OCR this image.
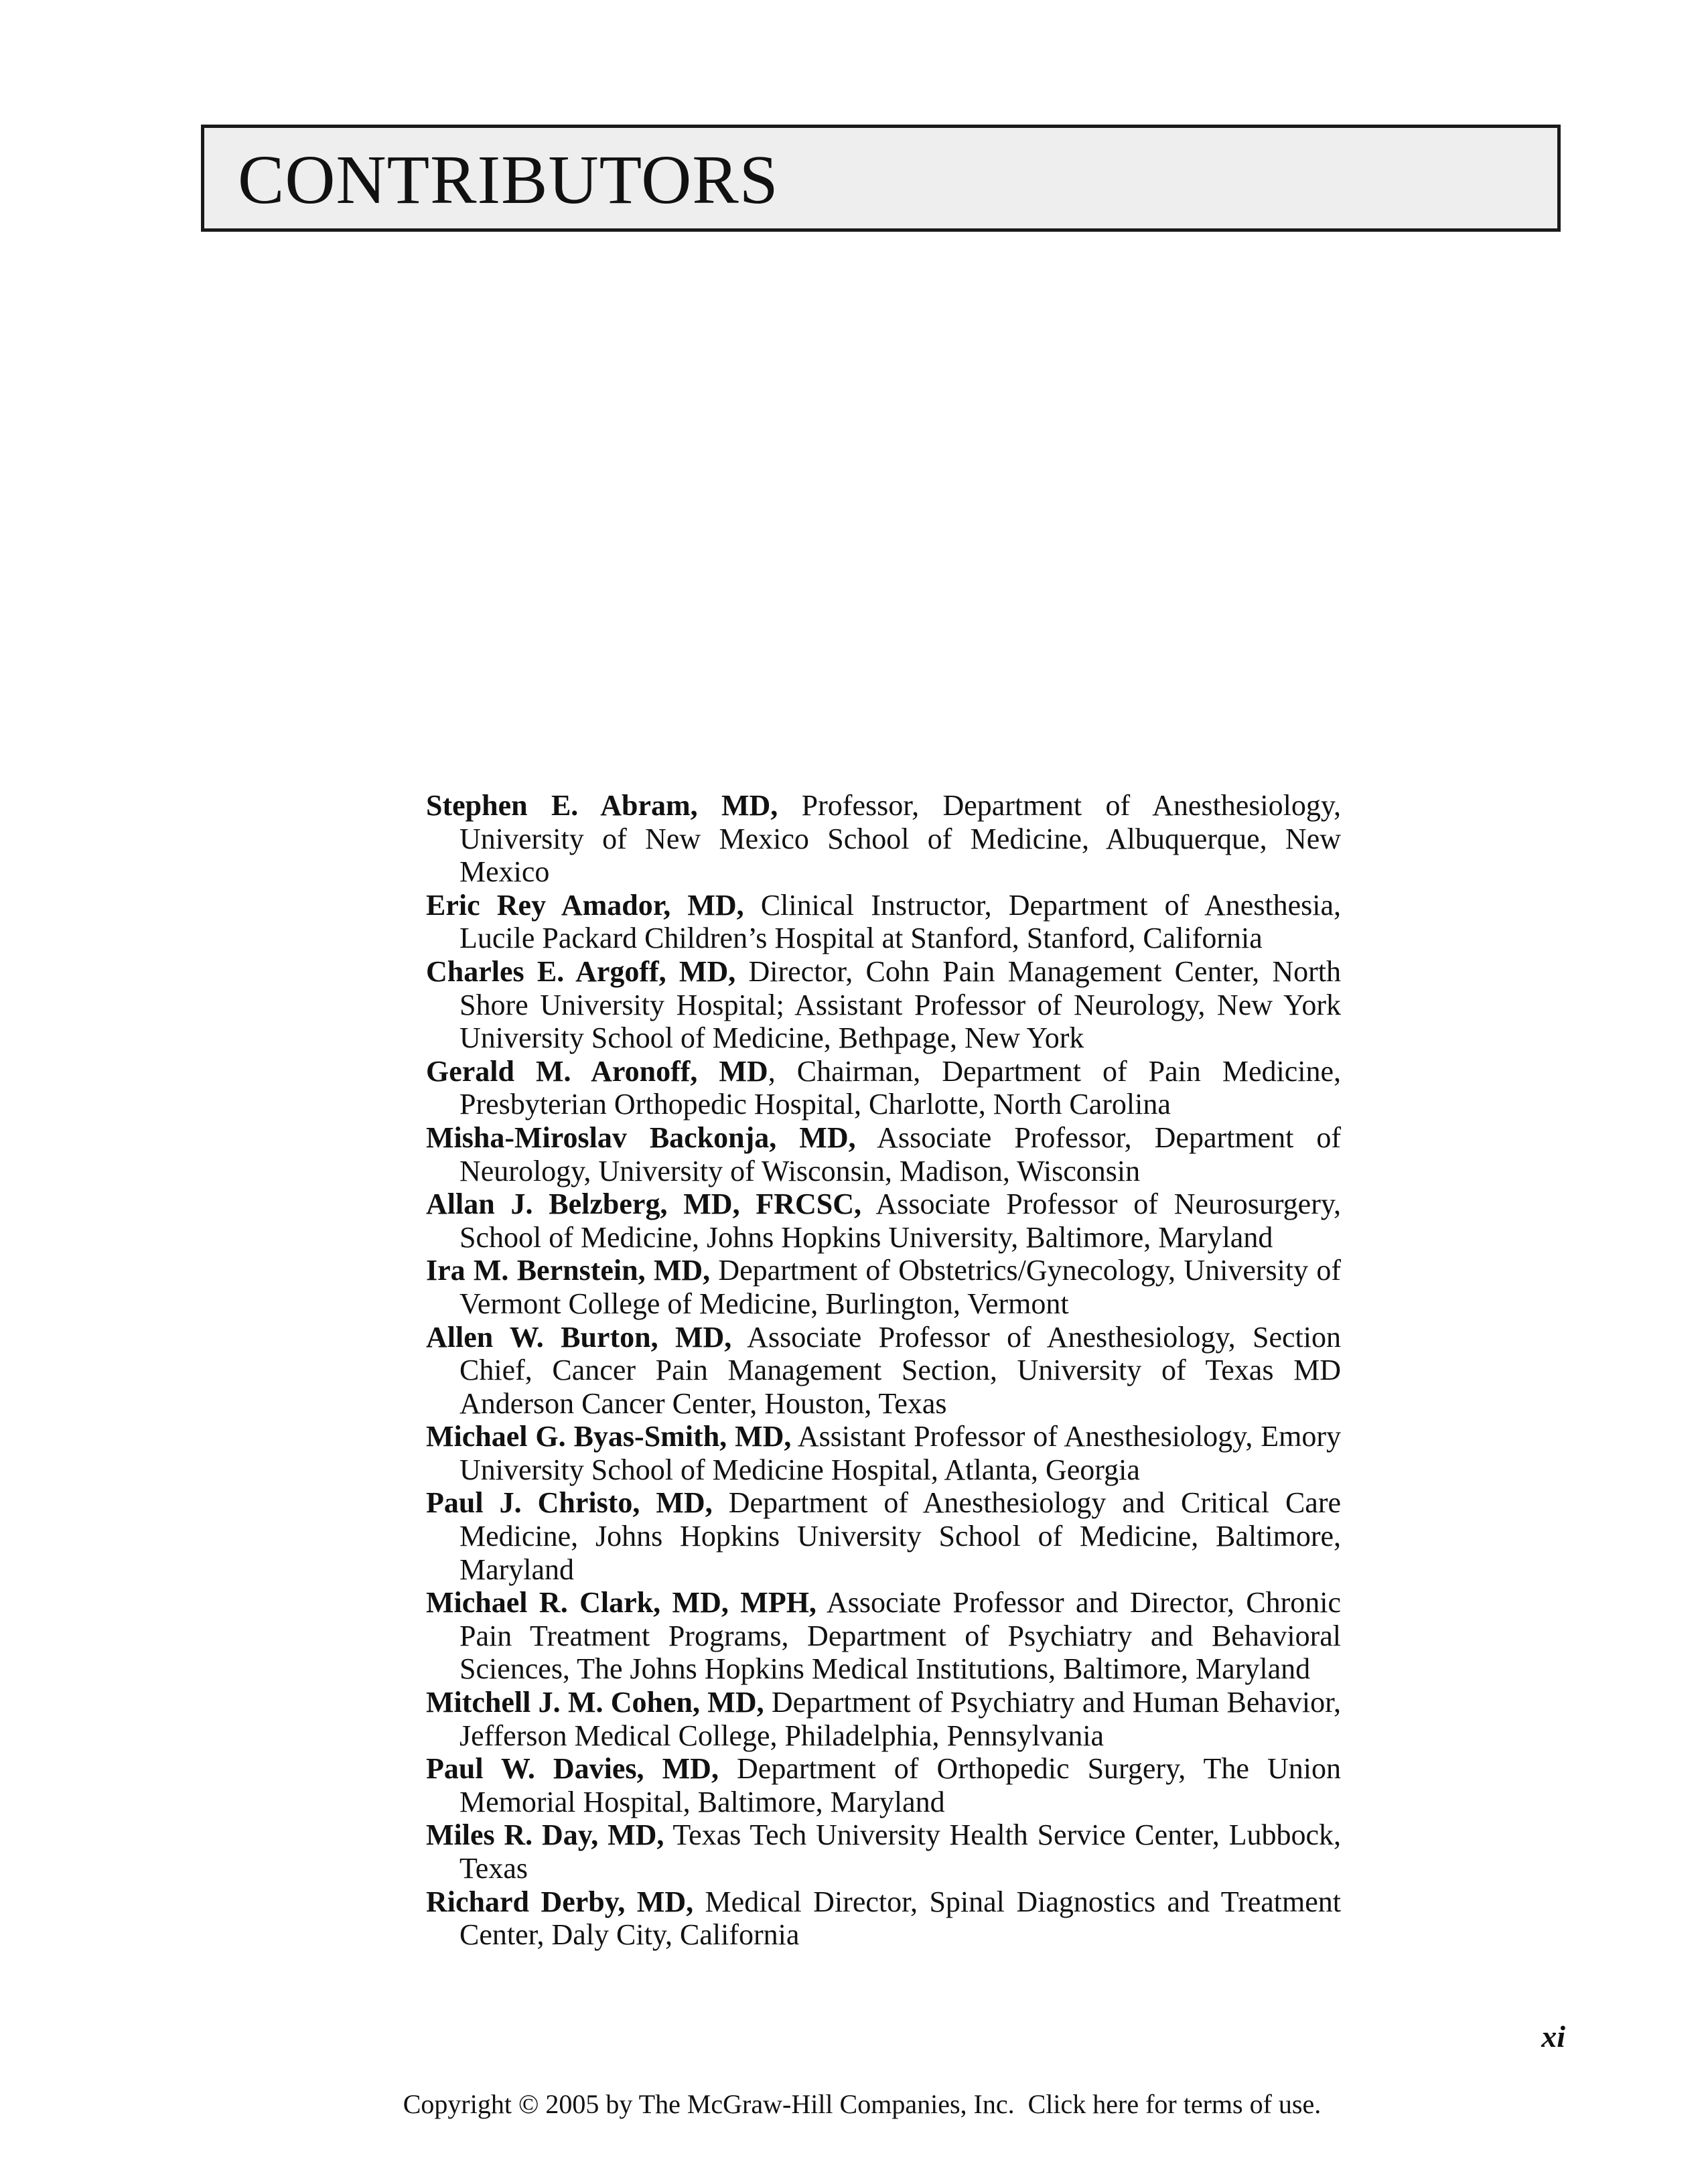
CONTRIBUTORS
Stephen E. Abram, MD, Professor, Department of Anesthesiology, University of New Mexico School of Medicine, Albuquerque, New Mexico
Eric Rey Amador, MD, Clinical Instructor, Department of Anesthesia, Lucile Packard Children’s Hospital at Stanford, Stanford, California
Charles E. Argoff, MD, Director, Cohn Pain Management Center, North Shore University Hospital; Assistant Professor of Neurology, New York University School of Medicine, Bethpage, New York
Gerald M. Aronoff, MD, Chairman, Department of Pain Medicine, Presbyterian Orthopedic Hospital, Charlotte, North Carolina
Misha-Miroslav Backonja, MD, Associate Professor, Department of Neurology, University of Wisconsin, Madison, Wisconsin
Allan J. Belzberg, MD, FRCSC, Associate Professor of Neurosurgery, School of Medicine, Johns Hopkins University, Baltimore, Maryland
Ira M. Bernstein, MD, Department of Obstetrics/Gynecology, University of Vermont College of Medicine, Burlington, Vermont
Allen W. Burton, MD, Associate Professor of Anesthesiology, Section Chief, Cancer Pain Management Section, University of Texas MD Anderson Cancer Center, Houston, Texas
Michael G. Byas-Smith, MD, Assistant Professor of Anesthesiology, Emory University School of Medicine Hospital, Atlanta, Georgia
Paul J. Christo, MD, Department of Anesthesiology and Critical Care Medicine, Johns Hopkins University School of Medicine, Baltimore, Maryland
Michael R. Clark, MD, MPH, Associate Professor and Director, Chronic Pain Treatment Programs, Department of Psychiatry and Behavioral Sciences, The Johns Hopkins Medical Institutions, Baltimore, Maryland
Mitchell J. M. Cohen, MD, Department of Psychiatry and Human Behavior, Jefferson Medical College, Philadelphia, Pennsylvania
Paul W. Davies, MD, Department of Orthopedic Surgery, The Union Memorial Hospital, Baltimore, Maryland
Miles R. Day, MD, Texas Tech University Health Service Center, Lubbock, Texas
Richard Derby, MD, Medical Director, Spinal Diagnostics and Treatment Center, Daly City, California
xi
Copyright © 2005 by The McGraw-Hill Companies, Inc. Click here for terms of use.
